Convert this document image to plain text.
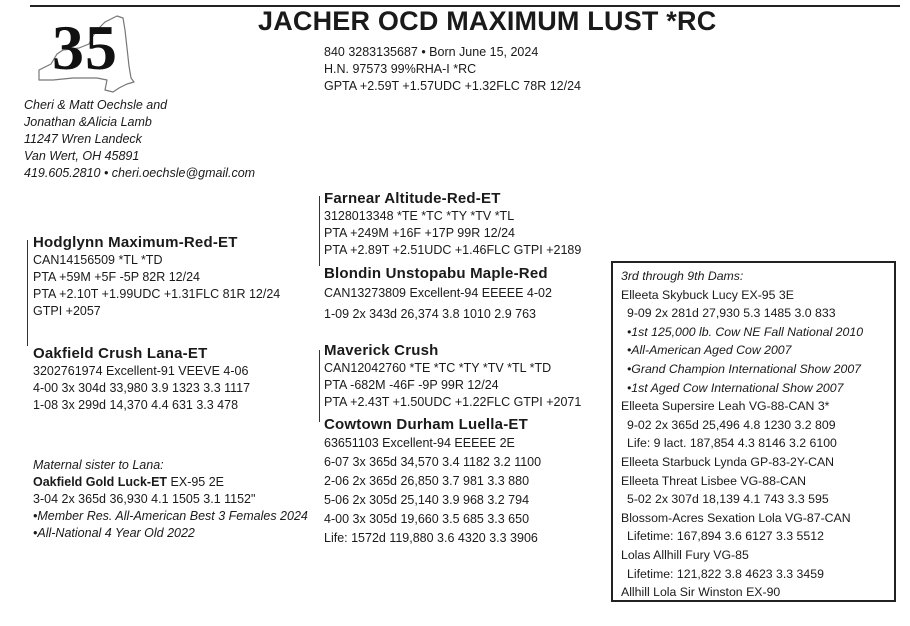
35	JACHER OCD MAXIMUM LUST *RC
840 3283135687 • Born June 15, 2024
H.N. 97573 99%RHA-I *RC
GPTA +2.59T +1.57UDC +1.32FLC 78R 12/24
Cheri & Matt Oechsle and
Jonathan &Alicia Lamb
11247 Wren Landeck
Van Wert, OH 45891
419.605.2810 • cheri.oechsle@gmail.com
Hodglynn Maximum-Red-ET
CAN14156509 *TL *TD
PTA +59M +5F -5P 82R 12/24
PTA +2.10T +1.99UDC +1.31FLC 81R 12/24
GTPI +2057
Oakfield Crush Lana-ET
3202761974 Excellent-91 VEEVE 4-06
4-00 3x 304d 33,980 3.9 1323 3.3 1117
1-08 3x 299d 14,370 4.4 631 3.3 478
Maternal sister to Lana:
Oakfield Gold Luck-ET EX-95 2E
3-04 2x 365d 36,930 4.1 1505 3.1 1152"
•Member Res. All-American Best 3 Females 2024
•All-National 4 Year Old 2022
Farnear Altitude-Red-ET
3128013348 *TE *TC *TY *TV *TL
PTA +249M +16F +17P 99R 12/24
PTA +2.89T +2.51UDC +1.46FLC GTPI +2189
Blondin Unstopabu Maple-Red
CAN13273809 Excellent-94 EEEEE 4-02
1-09 2x 343d 26,374 3.8 1010 2.9 763
Maverick Crush
CAN12042760 *TE *TC *TY *TV *TL *TD
PTA -682M -46F -9P 99R 12/24
PTA +2.43T +1.50UDC +1.22FLC GTPI +2071
Cowtown Durham Luella-ET
63651103 Excellent-94 EEEEE 2E
6-07 3x 365d 34,570 3.4 1182 3.2 1100
2-06 2x 365d 26,850 3.7 981 3.3 880
5-06 2x 305d 25,140 3.9 968 3.2 794
4-00 3x 305d 19,660 3.5 685 3.3 650
Life: 1572d 119,880 3.6 4320 3.3 3906
3rd through 9th Dams:
Elleeta Skybuck Lucy EX-95 3E
9-09 2x 281d 27,930 5.3 1485 3.0 833
•1st 125,000 lb. Cow NE Fall National 2010
•All-American Aged Cow 2007
•Grand Champion International Show 2007
•1st Aged Cow International Show 2007
Elleeta Supersire Leah VG-88-CAN 3*
9-02 2x 365d 25,496 4.8 1230 3.2 809
Life: 9 lact. 187,854 4.3 8146 3.2 6100
Elleeta Starbuck Lynda GP-83-2Y-CAN
Elleeta Threat Lisbee VG-88-CAN
5-02 2x 307d 18,139 4.1 743 3.3 595
Blossom-Acres Sexation Lola VG-87-CAN
Lifetime: 167,894 3.6 6127 3.3 5512
Lolas Allhill Fury VG-85
Lifetime: 121,822 3.8 4623 3.3 3459
Allhill Lola Sir Winston EX-90
